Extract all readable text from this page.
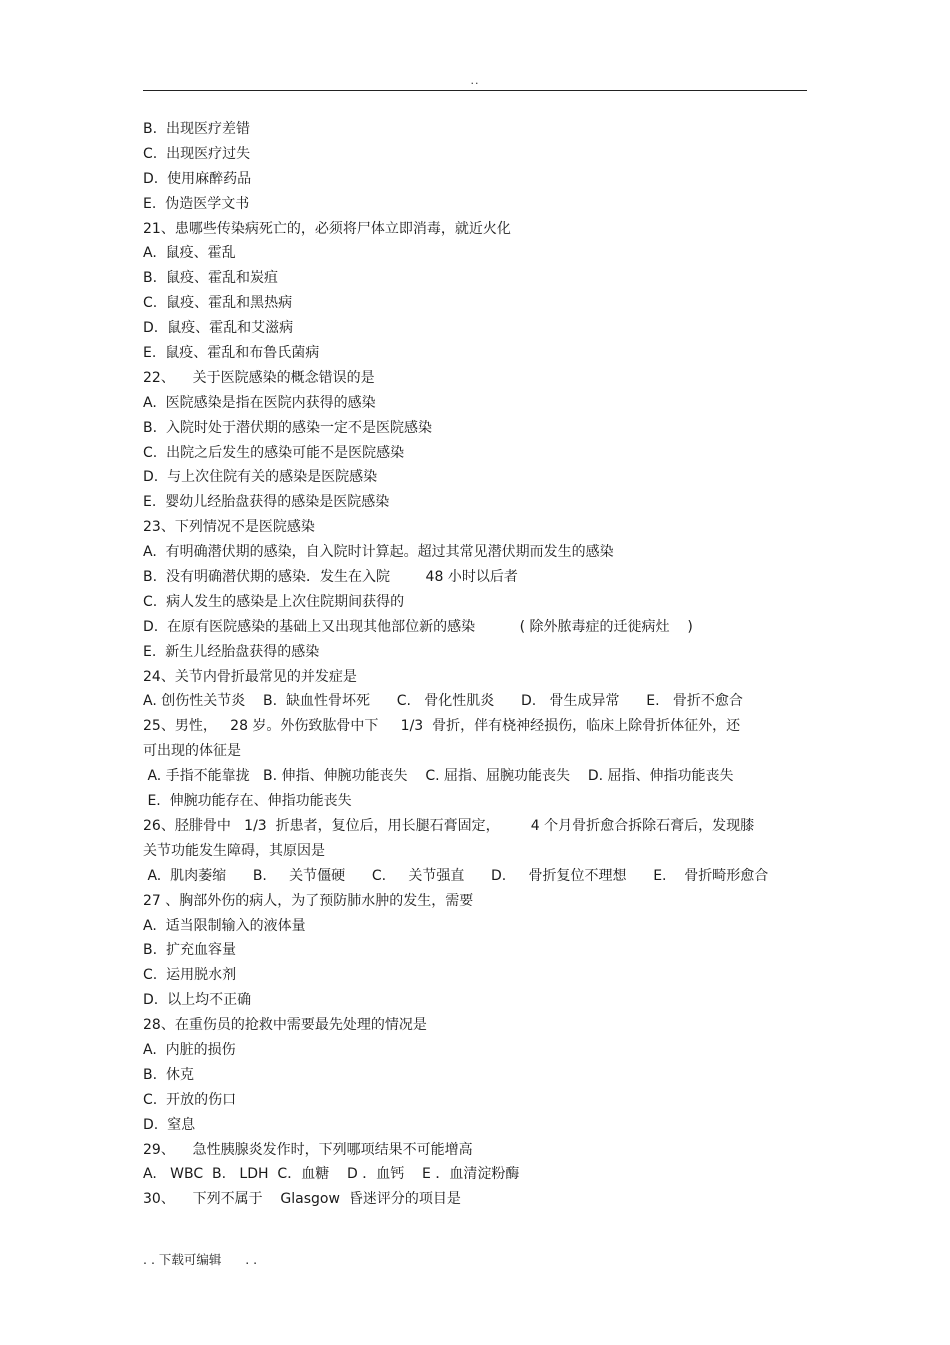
..
B.  出现医疗差错
C.  出现医疗过失
D.  使用麻醉药品
E.  伪造医学文书
21、患哪些传染病死亡的，必须将尸体立即消毒，就近火化
A.  鼠疫、霍乱
B.  鼠疫、霍乱和炭疽
C.  鼠疫、霍乱和黑热病
D.  鼠疫、霍乱和艾滋病
E.  鼠疫、霍乱和布鲁氏菌病
22、    关于医院感染的概念错误的是
A.  医院感染是指在医院内获得的感染
B.  入院时处于潜伏期的感染一定不是医院感染
C.  出院之后发生的感染可能不是医院感染
D.  与上次住院有关的感染是医院感染
E.  婴幼儿经胎盘获得的感染是医院感染
23、下列情况不是医院感染
A.  有明确潜伏期的感染，自入院时计算起。超过其常见潜伏期而发生的感染
B.  没有明确潜伏期的感染．发生在入院        48 小时以后者
C.  病人发生的感染是上次住院期间获得的
D.  在原有医院感染的基础上又出现其他部位新的感染          ( 除外脓毒症的迁徙病灶    )
E.  新生儿经胎盘获得的感染
24、关节内骨折最常见的并发症是
A. 创伤性关节炎    B.  缺血性骨坏死      C.   骨化性肌炎      D.   骨生成异常      E.   骨折不愈合
25、男性，   28 岁。外伤致肱骨中下     1/3  骨折，伴有桡神经损伤，临床上除骨折体征外，还
可出现的体征是
A. 手指不能靠拢   B. 伸指、伸腕功能丧失    C. 屈指、屈腕功能丧失    D. 屈指、伸指功能丧失
E.  伸腕功能存在、伸指功能丧失
26、胫腓骨中   1/3  折患者，复位后，用长腿石膏固定，       4 个月骨折愈合拆除石膏后，发现膝
关节功能发生障碍，其原因是
A.  肌肉萎缩      B.     关节僵硬      C.     关节强直      D.     骨折复位不理想      E.    骨折畸形愈合
27 、胸部外伤的病人，为了预防肺水肿的发生，需要
A.  适当限制输入的液体量
B.  扩充血容量
C.  运用脱水剂
D.  以上均不正确
28、在重伤员的抢救中需要最先处理的情况是
A.  内脏的损伤
B.  休克
C.  开放的伤口
D.  窒息
29、    急性胰腺炎发作时，下列哪项结果不可能增高
A.   WBC  B.   LDH  C．血糖    D ．血钙    E ．血清淀粉酶
30、    下列不属于    Glasgow  昏迷评分的项目是
. . 下载可编辑      . .
